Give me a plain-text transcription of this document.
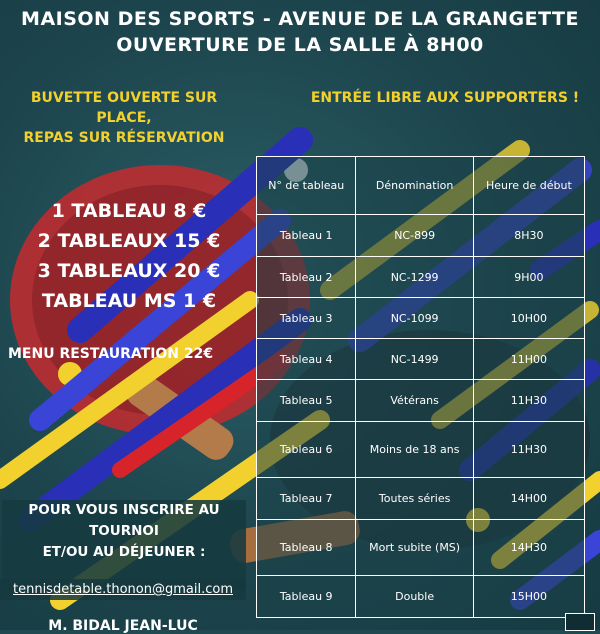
MAISON DES SPORTS - AVENUE DE LA GRANGETTE
OUVERTURE DE LA SALLE À 8H00
BUVETTE OUVERTE SUR
PLACE,
REPAS SUR RÉSERVATION
ENTRÉE LIBRE AUX SUPPORTERS !
1 TABLEAU 8 €
2 TABLEAUX 15 €
3 TABLEAUX 20 €
TABLEAU MS 1 €
MENU RESTAURATION 22€
POUR VOUS INSCRIRE AU
TOURNOI
ET/OU AU DÉJEUNER :
tennisdetable.thonon@gmail.com
M. BIDAL JEAN-LUC
N° de tableau	Dénomination	Heure de début
Tableau 1	NC-899	8H30
Tableau 2	NC-1299	9H00
Tableau 3	NC-1099	10H00
Tableau 4	NC-1499	11H00
Tableau 5	Vétérans	11H30
Tableau 6	Moins de 18 ans	11H30
Tableau 7	Toutes séries	14H00
Tableau 8	Mort subite (MS)	14H30
Tableau 9	Double	15H00
